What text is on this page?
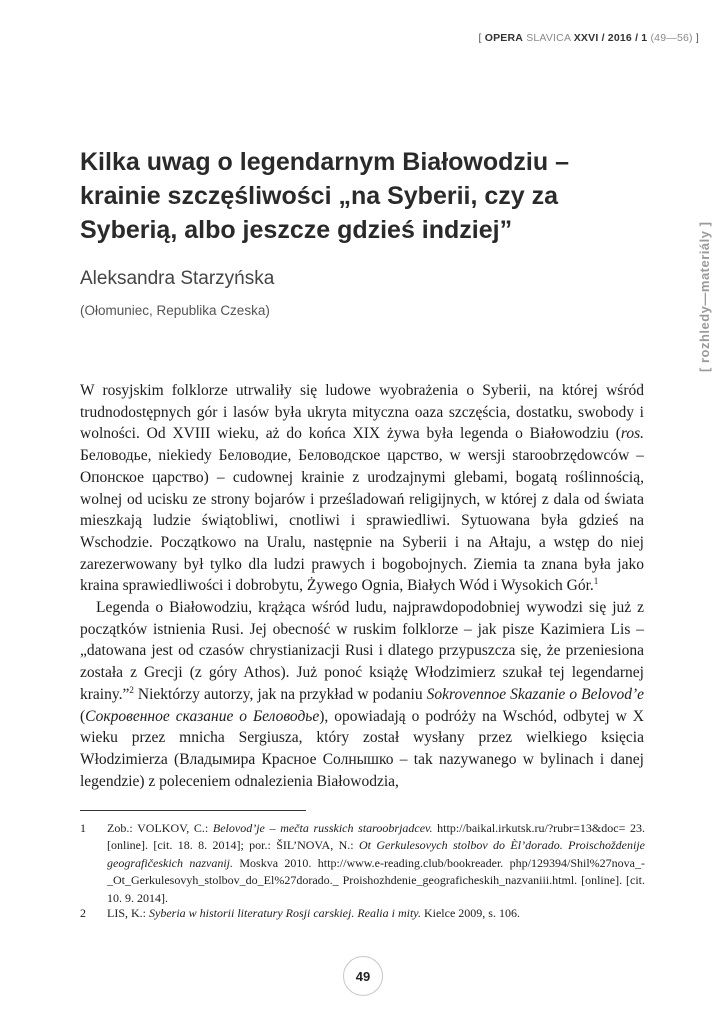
[ OPERA SLAVICA XXVI / 2016 / 1 (49—56) ]
[ rozhledy—materiály ]
Kilka uwag o legendarnym Białowodziu –
krainie szczęśliwości „na Syberii, czy za
Syberią, albo jeszcze gdzieś indziej”
Aleksandra Starzyńska
(Ołomuniec, Republika Czeska)

W rosyjskim folklorze utrwaliły się ludowe wyobrażenia o Syberii, na której wśród trudnodostępnych gór i lasów była ukryta mityczna oaza szczęścia, dostatku, swobody i wolności. Od XVIII wieku, aż do końca XIX żywa była legenda o Białowodziu (ros. Беловодье, niekiedy Беловодие, Беловодское царство, w wersji staroobrzędowców – Опонское царство) – cudownej krainie z urodzajnymi glebami, bogatą roślinnością, wolnej od ucisku ze strony bojarów i prześladowań religijnych, w której z dala od świata mieszkają ludzie świątobliwi, cnotliwi i sprawiedliwi. Sytuowana była gdzieś na Wschodzie. Początkowo na Uralu, następnie na Syberii i na Ałtaju, a wstęp do niej zarezerwowany był tylko dla ludzi prawych i bogobojnych. Ziemia ta znana była jako kraina sprawiedliwości i dobrobytu, Żywego Ognia, Białych Wód i Wysokich Gór.$^1$

Legenda o Białowodziu, krążąca wśród ludu, najprawdopodobniej wywodzi się już z początków istnienia Rusi. Jej obecność w ruskim folklorze – jak pisze Kazimiera Lis – „datowana jest od czasów chrystianizacji Rusi i dlatego przypuszcza się, że przeniesiona została z Grecji (z góry Athos). Już ponoć książę Włodzimierz szukał tej legendarnej krainy.”$^2$ Niektórzy autorzy, jak na przykład w podaniu Sokrovennoe Skazanie o Belovod’e (Сокровенное сказание о Беловодье), opowiadają o podróży na Wschód, odbytej w X wieku przez mnicha Sergiusza, który został wysłany przez wielkiego księcia Włodzimierza (Владымира Красное Солнышко – tak nazywanego w bylinach i danej legendzie) z poleceniem odnalezienia Białowodzia,

1 Zob.: VOLKOV, C.: Belovod’je – mečta russkich staroobrjadcev. http://baikal.irkutsk.ru/?rubr=13&doc= 23. [online]. [cit. 18. 8. 2014]; por.: ŠIL’NOVA, N.: Ot Gerkulesovych stolbov do Èl’dorado. Proischoždenije geografičeskich nazvanij. Moskva 2010. http://www.e-reading.club/bookreader. php/129394/Shil%27nova_-_Ot_Gerkulesovyh_stolbov_do_El%27dorado._ Proishozhdenie_geograficheskih_nazvaniii.html. [online]. [cit. 10. 9. 2014].
2 LIS, K.: Syberia w historii literatury Rosji carskiej. Realia i mity. Kielce 2009, s. 106.
49
